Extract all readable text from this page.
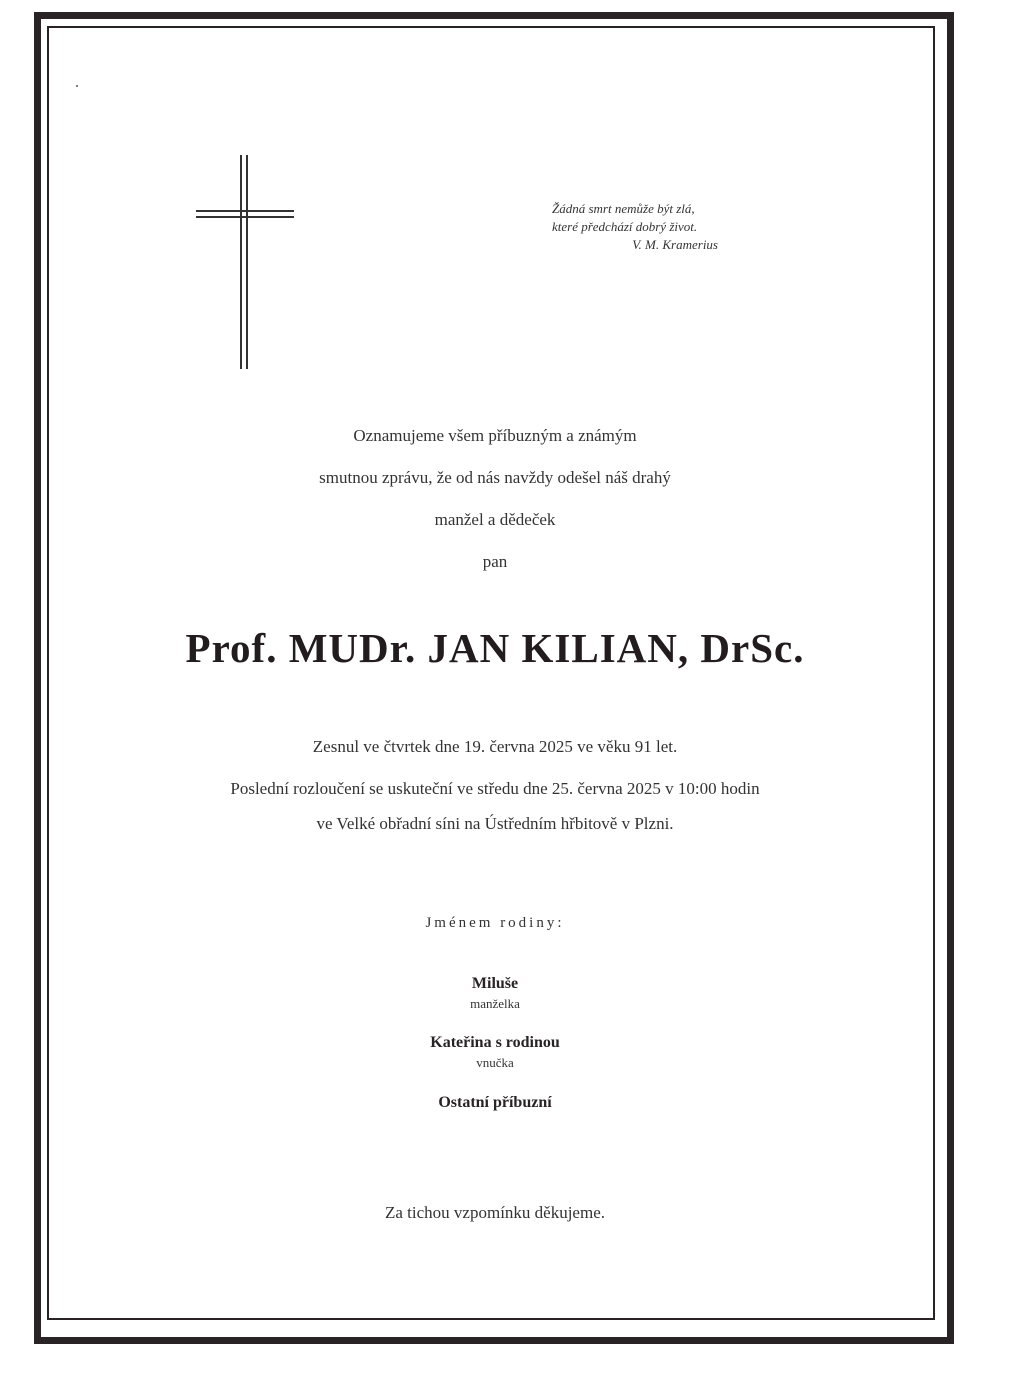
Žádná smrt nemůže být zlá,
které předchází dobrý život.
V. M. Kramerius
Oznamujeme všem příbuzným a známým
smutnou zprávu, že od nás navždy odešel náš drahý
manžel a dědeček
pan
Prof. MUDr. JAN KILIAN, DrSc.
Zesnul ve čtvrtek dne 19. června 2025 ve věku 91 let.
Poslední rozloučení se uskuteční ve středu dne 25. června 2025 v 10:00 hodin
ve Velké obřadní síni na Ústředním hřbitově v Plzni.
Jménem rodiny:
Miluše
manželka
Kateřina s rodinou
vnučka
Ostatní příbuzní
Za tichou vzpomínku děkujeme.
